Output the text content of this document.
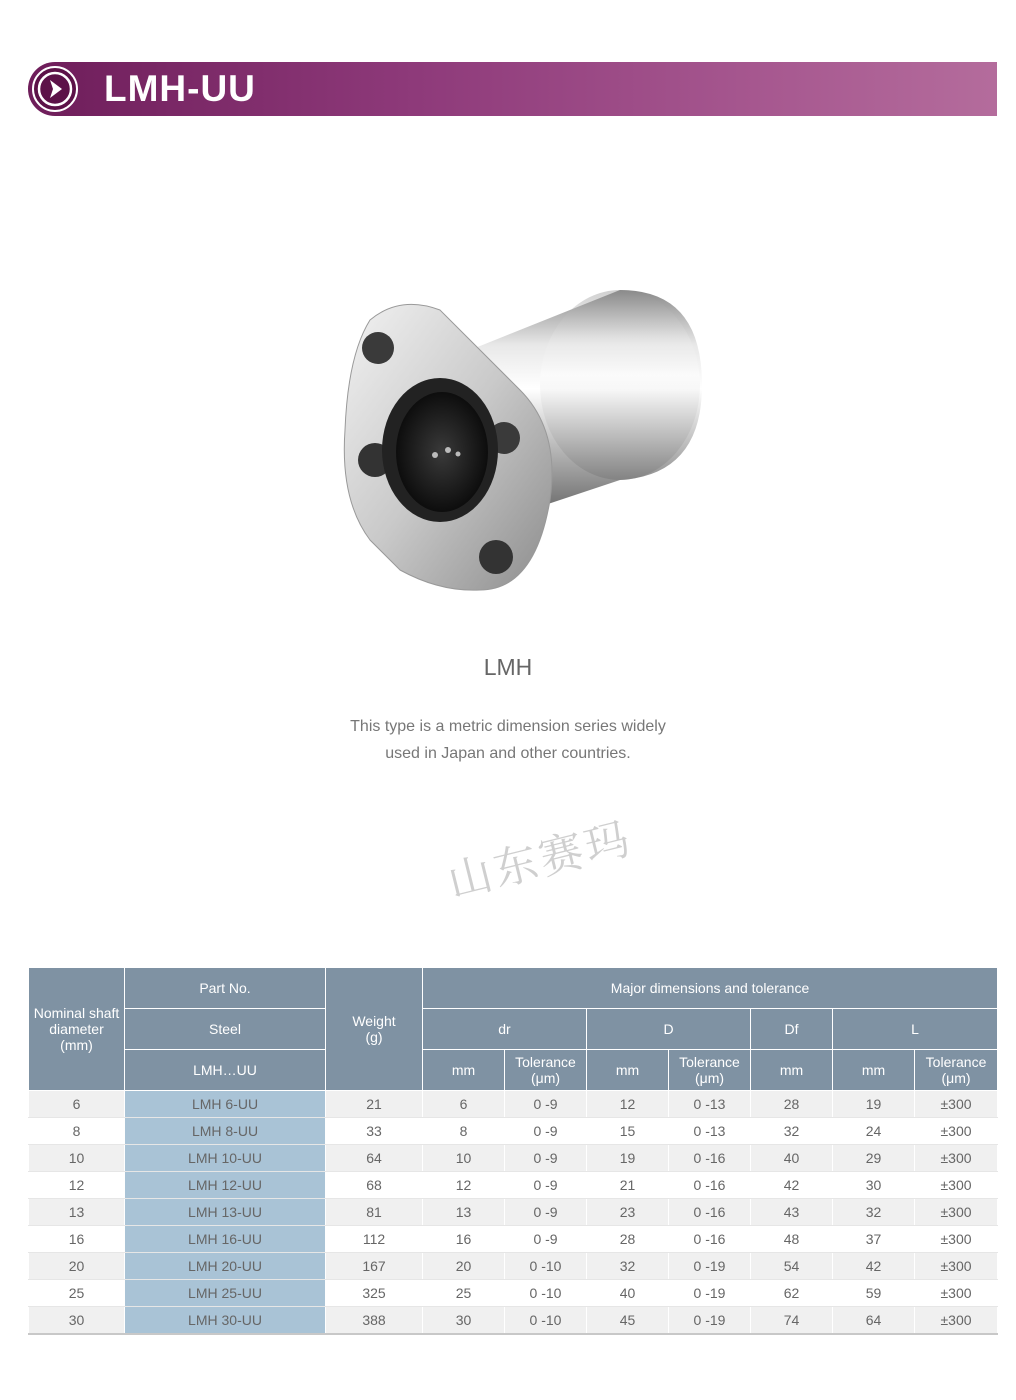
LMH-UU
LMH
This type is a metric dimension series widely
used in Japan and other countries.
山东赛玛
Nominal shaft diameter (mm)	Part No.	Weight (g)	Major dimensions and tolerance						
	Steel		dr		D		Df	L	
	LMH…UU		mm	Tolerance (μm)	mm	Tolerance (μm)	mm	mm	Tolerance (μm)
6	LMH 6-UU	21	6	0 -9	12	0 -13	28	19	±300
8	LMH 8-UU	33	8	0 -9	15	0 -13	32	24	±300
10	LMH 10-UU	64	10	0 -9	19	0 -16	40	29	±300
12	LMH 12-UU	68	12	0 -9	21	0 -16	42	30	±300
13	LMH 13-UU	81	13	0 -9	23	0 -16	43	32	±300
16	LMH 16-UU	112	16	0 -9	28	0 -16	48	37	±300
20	LMH 20-UU	167	20	0 -10	32	0 -19	54	42	±300
25	LMH 25-UU	325	25	0 -10	40	0 -19	62	59	±300
30	LMH 30-UU	388	30	0 -10	45	0 -19	74	64	±300
